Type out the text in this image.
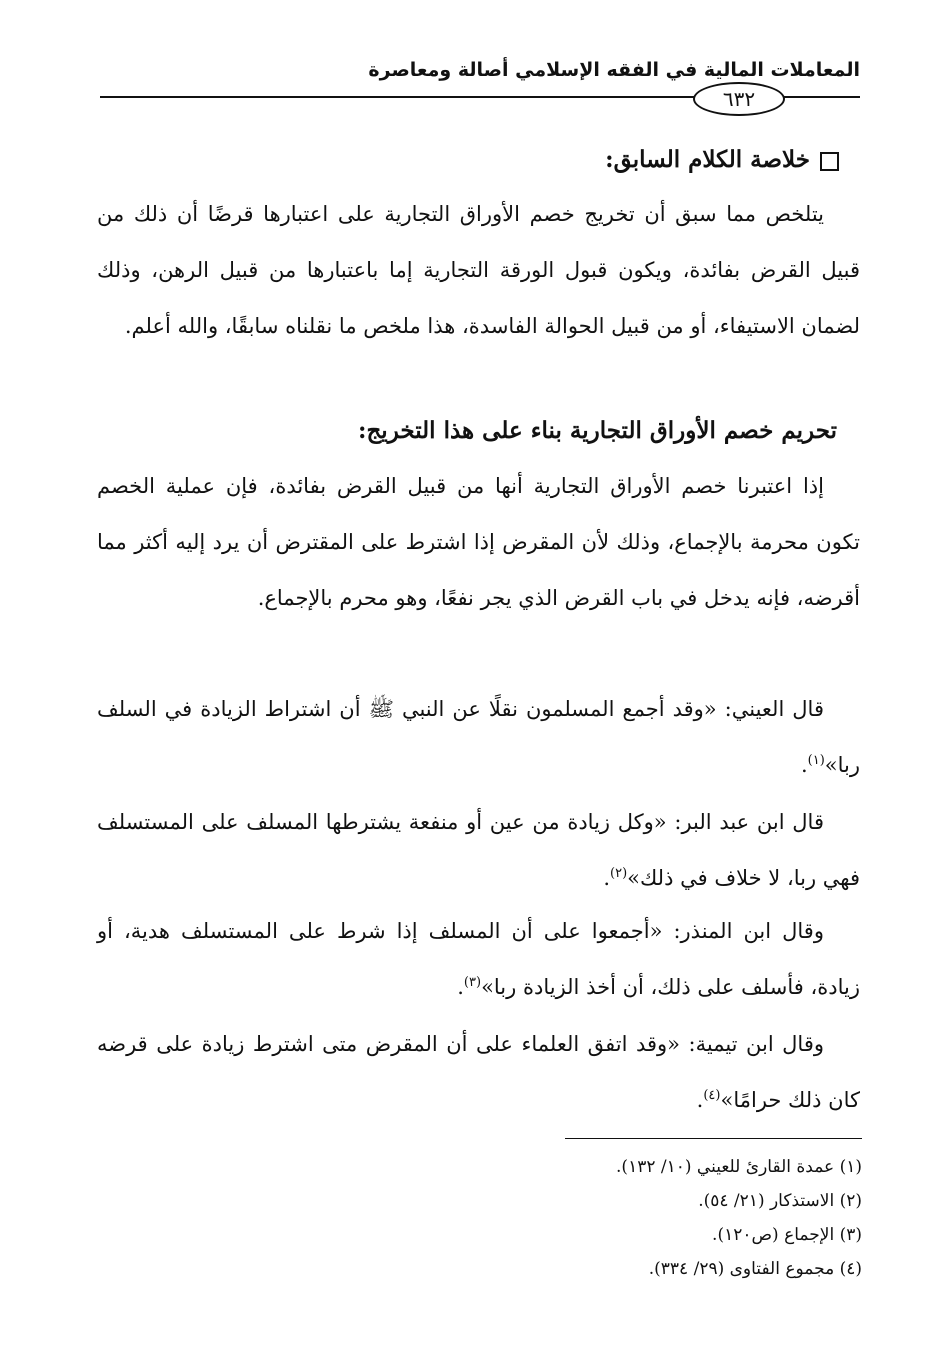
المعاملات المالية في الفقه الإسلامي أصالة ومعاصرة
٦٣٢
خلاصة الكلام السابق:

يتلخص مما سبق أن تخريج خصم الأوراق التجارية على اعتبارها قرضًا أن ذلك من قبيل القرض بفائدة، ويكون قبول الورقة التجارية إما باعتبارها من قبيل الرهن، وذلك لضمان الاستيفاء، أو من قبيل الحوالة الفاسدة، هذا ملخص ما نقلناه سابقًا، والله أعلم.

تحريم خصم الأوراق التجارية بناء على هذا التخريج:

إذا اعتبرنا خصم الأوراق التجارية أنها من قبيل القرض بفائدة، فإن عملية الخصم تكون محرمة بالإجماع، وذلك لأن المقرض إذا اشترط على المقترض أن يرد إليه أكثر مما أقرضه، فإنه يدخل في باب القرض الذي يجر نفعًا، وهو محرم بالإجماع.

قال العيني: «وقد أجمع المسلمون نقلًا عن النبي ﷺ أن اشتراط الزيادة في السلف ربا»$^{(١)}$.

قال ابن عبد البر: «وكل زيادة من عين أو منفعة يشترطها المسلف على المستسلف فهي ربا، لا خلاف في ذلك»$^{(٢)}$.

وقال ابن المنذر: «أجمعوا على أن المسلف إذا شرط على المستسلف هدية، أو زيادة، فأسلف على ذلك، أن أخذ الزيادة ربا»$^{(٣)}$.

وقال ابن تيمية: «وقد اتفق العلماء على أن المقرض متى اشترط زيادة على قرضه كان ذلك حرامًا»$^{(٤)}$.

(١) عمدة القارئ للعيني (١٠/ ١٣٢).

(٢) الاستذكار (٢١/ ٥٤).

(٣) الإجماع (ص١٢٠).

(٤) مجموع الفتاوى (٢٩/ ٣٣٤).
